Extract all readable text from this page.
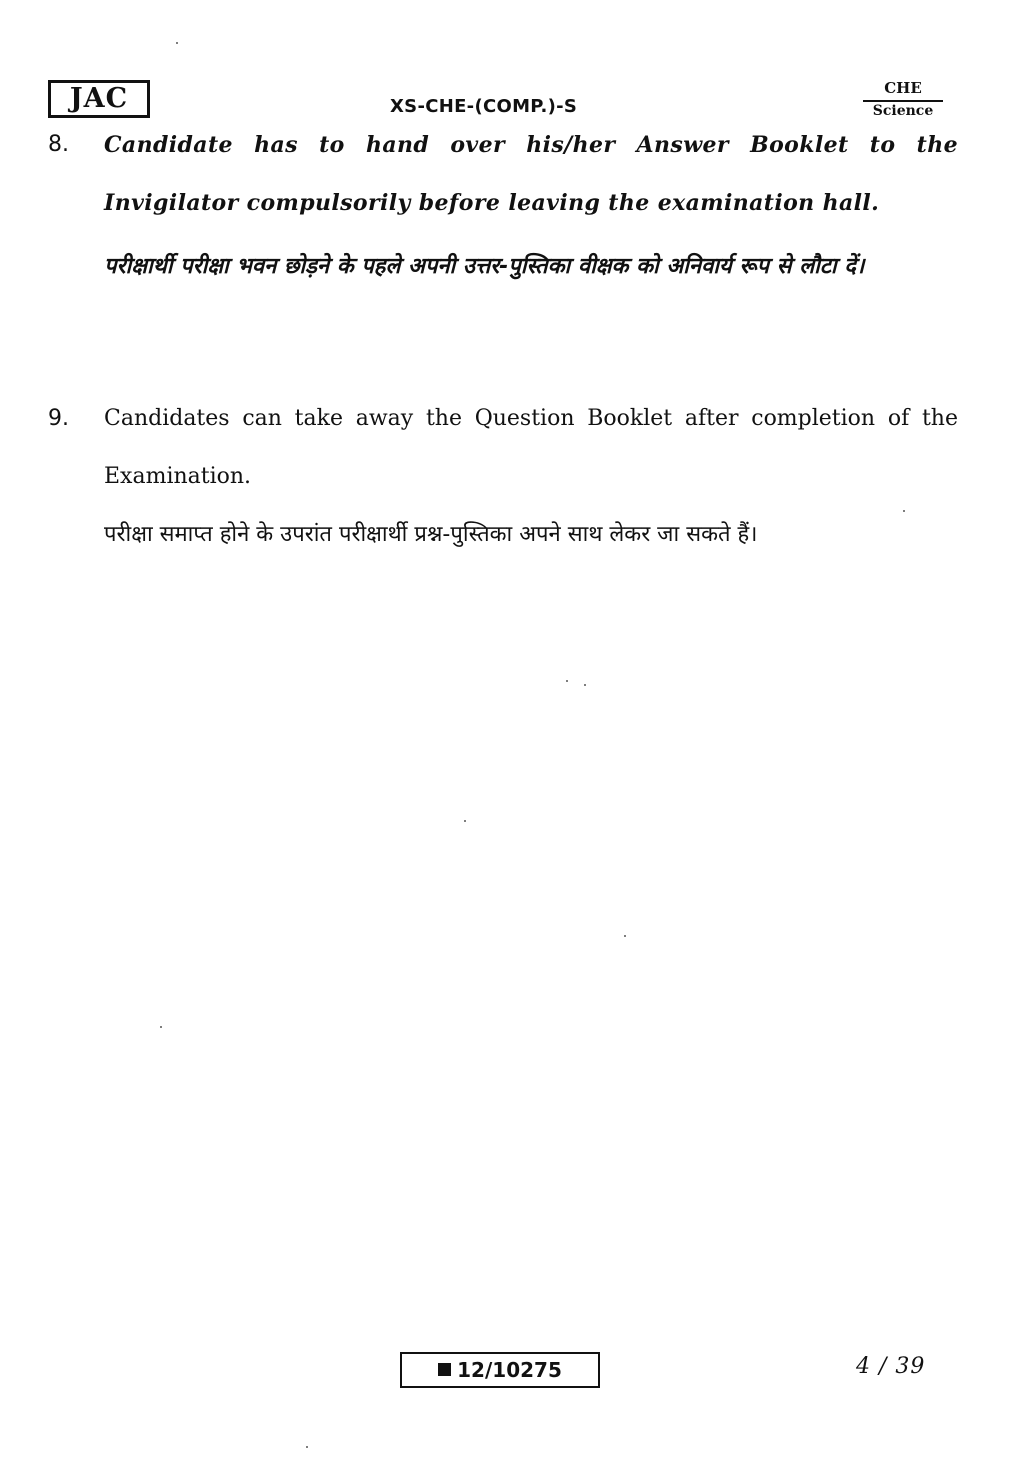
JAC	XS-CHE-(COMP.)-S
CHE
Science
8. Candidate has to hand over his/her Answer Booklet to the Invigilator compulsorily before leaving the examination hall.

परीक्षार्थी परीक्षा भवन छोड़ने के पहले अपनी उत्तर-पुस्तिका वीक्षक को अनिवार्य रूप से लौटा दें।

9. Candidates can take away the Question Booklet after completion of the Examination.

परीक्षा समाप्त होने के उपरांत परीक्षार्थी प्रश्न-पुस्तिका अपने साथ लेकर जा सकते हैं।

12/10275	4 / 39
